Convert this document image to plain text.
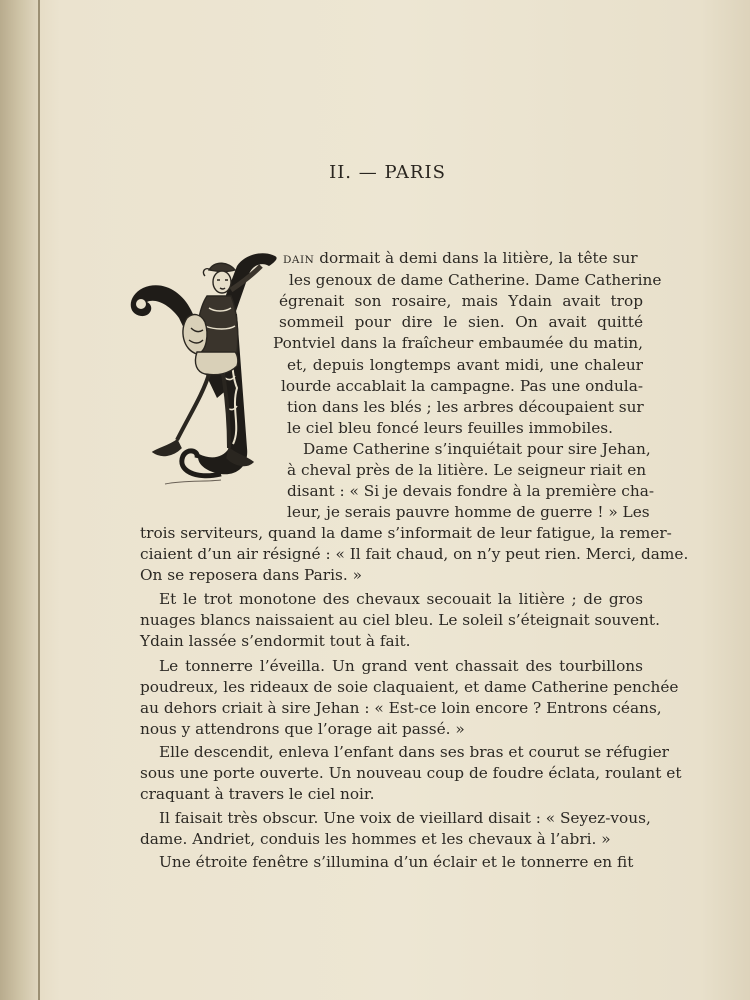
II. — PARIS
DAIN dormait à demi dans la litière, la tête sur
les genoux de dame Catherine. Dame Catherine
égrenait son rosaire, mais Ydain avait trop
sommeil pour dire le sien. On avait quitté
Pontviel dans la fraîcheur embaumée du matin,
et, depuis longtemps avant midi, une chaleur
lourde accablait la campagne. Pas une ondula-
tion dans les blés ; les arbres découpaient sur
le ciel bleu foncé leurs feuilles immobiles.
Dame Catherine s’inquiétait pour sire Jehan,
à cheval près de la litière. Le seigneur riait en
disant : « Si je devais fondre à la première cha-
leur, je serais pauvre homme de guerre ! » Les
trois serviteurs, quand la dame s’informait de leur fatigue, la remer-
ciaient d’un air résigné : « Il fait chaud, on n’y peut rien. Merci, dame.
On se reposera dans Paris. »
Et le trot monotone des chevaux secouait la litière ; de gros
nuages blancs naissaient au ciel bleu. Le soleil s’éteignait souvent.
Ydain lassée s’endormit tout à fait.
Le tonnerre l’éveilla. Un grand vent chassait des tourbillons
poudreux, les rideaux de soie claquaient, et dame Catherine penchée
au dehors criait à sire Jehan : « Est-ce loin encore ? Entrons céans,
nous y attendrons que l’orage ait passé. »
Elle descendit, enleva l’enfant dans ses bras et courut se réfugier
sous une porte ouverte. Un nouveau coup de foudre éclata, roulant et
craquant à travers le ciel noir.
Il faisait très obscur. Une voix de vieillard disait : « Seyez-vous,
dame. Andriet, conduis les hommes et les chevaux à l’abri. »
Une étroite fenêtre s’illumina d’un éclair et le tonnerre en fit
